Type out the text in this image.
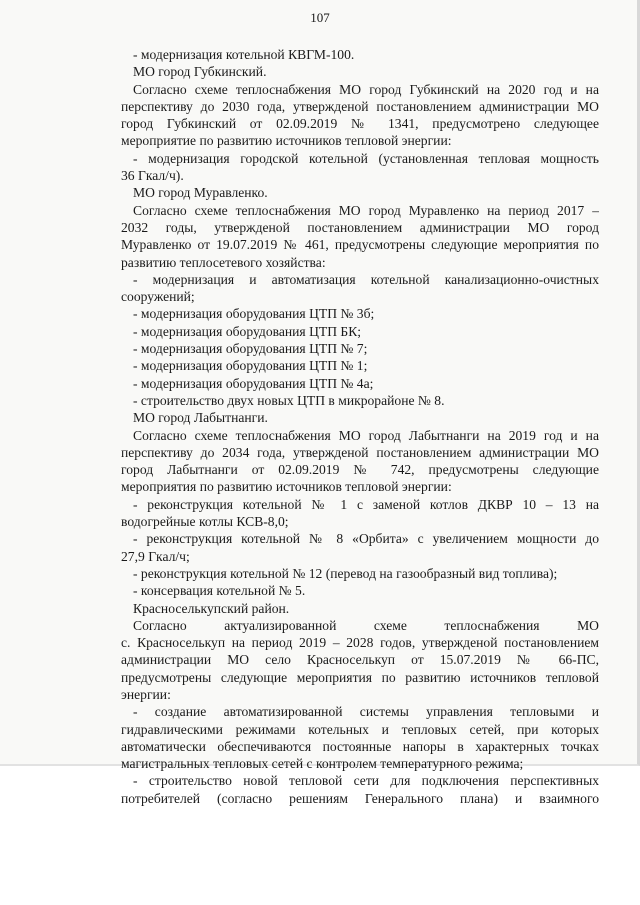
107
- модернизация котельной КВГМ-100.
МО город Губкинский.
Согласно схеме теплоснабжения МО город Губкинский на 2020 год и на
перспективу до 2030 года, утвержденой постановлением администрации МО
город Губкинский от 02.09.2019 № 1341, предусмотрено следующее
мероприятие по развитию источников тепловой энергии:
- модернизация городской котельной (установленная тепловая мощность
36 Гкал/ч).
МО город Муравленко.
Согласно схеме теплоснабжения МО город Муравленко на период 2017 –
2032 годы, утвержденой постановлением администрации МО город
Муравленко от 19.07.2019 № 461, предусмотрены следующие мероприятия по
развитию теплосетевого хозяйства:
- модернизация и автоматизация котельной канализационно-очистных
сооружений;
- модернизация оборудования ЦТП № 3б;
- модернизация оборудования ЦТП БК;
- модернизация оборудования ЦТП № 7;
- модернизация оборудования ЦТП № 1;
- модернизация оборудования ЦТП № 4а;
- строительство двух новых ЦТП в микрорайоне № 8.
МО город Лабытнанги.
Согласно схеме теплоснабжения МО город Лабытнанги на 2019 год и на
перспективу до 2034 года, утвержденой постановлением администрации МО
город Лабытнанги от 02.09.2019 № 742, предусмотрены следующие
мероприятия по развитию источников тепловой энергии:
- реконструкция котельной № 1 с заменой котлов ДКВР 10 – 13 на
водогрейные котлы КСВ-8,0;
- реконструкция котельной № 8 «Орбита» с увеличением мощности до
27,9 Гкал/ч;
- реконструкция котельной № 12 (перевод на газообразный вид топлива);
- консервация котельной № 5.
Красноселькупский район.
Согласно актуализированной схеме теплоснабжения МО
с. Красноселькуп на период 2019 – 2028 годов, утвержденой постановлением
администрации МО село Красноселькуп от 15.07.2019 № 66-ПС,
предусмотрены следующие мероприятия по развитию источников тепловой
энергии:
- создание автоматизированной системы управления тепловыми и
гидравлическими режимами котельных и тепловых сетей, при которых
автоматически обеспечиваются постоянные напоры в характерных точках
магистральных тепловых сетей с контролем температурного режима;
- строительство новой тепловой сети для подключения перспективных
потребителей (согласно решениям Генерального плана) и взаимного
